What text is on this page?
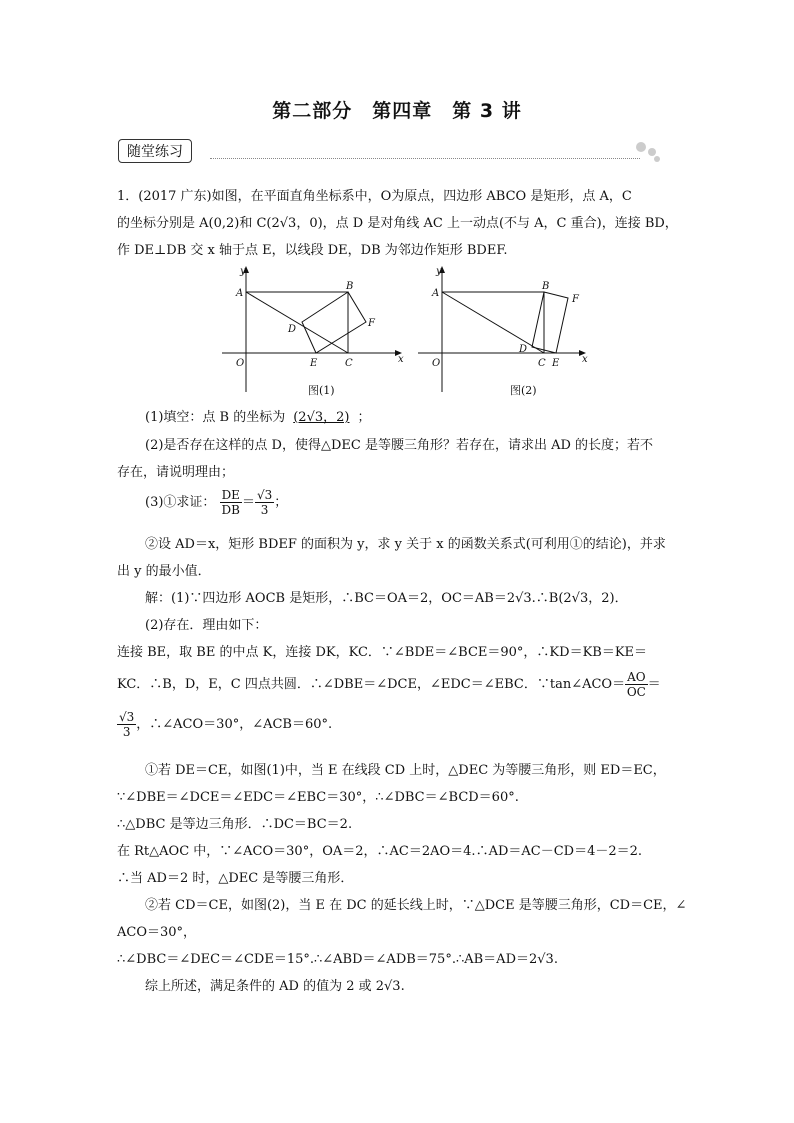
第二部分　第四章　第 3 讲
随堂练习
1．(2017 广东)如图，在平面直角坐标系中，O为原点，四边形 ABCO 是矩形，点 A，C
的坐标分别是 A(0,2)和 C(2√3，0)，点 D 是对角线 AC 上一动点(不与 A，C 重合)，连接 BD，
作 DE⊥DB 交 x 轴于点 E，以线段 DE，DB 为邻边作矩形 BDEF.
y
x
O
A
B
C
D
E
F
y
x
O
A
B
C
D
E
F
图(1)	图(2)
(1)填空：点 B 的坐标为 (2√3，2) ；
(2)是否存在这样的点 D，使得△DEC 是等腰三角形？若存在，请求出 AD 的长度；若不
存在，请说明理由；
(3)①求证： $\frac{DE}{DB} = \frac{√3}{3}$ ；
②设 AD＝x，矩形 BDEF 的面积为 y，求 y 关于 x 的函数关系式(可利用①的结论)，并求
出 y 的最小值．
解：(1)∵四边形 AOCB 是矩形，∴BC＝OA＝2，OC＝AB＝2√3.∴B(2√3，2)．
(2)存在．理由如下：
连接 BE，取 BE 的中点 K，连接 DK，KC．∵∠BDE＝∠BCE＝90°，∴KD＝KB＝KE＝
KC．∴B，D，E，C 四点共圆．∴∠DBE＝∠DCE，∠EDC＝∠EBC．∵tan∠ACO＝ $\frac{AO}{OC}$ ＝
$\frac{√3}{3}$ ，∴∠ACO＝30°，∠ACB＝60°.
①若 DE＝CE，如图(1)中，当 E 在线段 CD 上时，△DEC 为等腰三角形，则 ED＝EC，
∵∠DBE＝∠DCE＝∠EDC＝∠EBC＝30°，∴∠DBC＝∠BCD＝60°.
∴△DBC 是等边三角形．∴DC＝BC＝2.
在 Rt△AOC 中，∵∠ACO＝30°，OA＝2，∴AC＝2AO＝4.∴AD＝AC－CD＝4－2＝2.
∴当 AD＝2 时，△DEC 是等腰三角形．
②若 CD＝CE，如图(2)，当 E 在 DC 的延长线上时，∵△DCE 是等腰三角形，CD＝CE，∠
ACO＝30°，
∴∠DBC＝∠DEC＝∠CDE＝15°.∴∠ABD＝∠ADB＝75°.∴AB＝AD＝2√3.
综上所述，满足条件的 AD 的值为 2 或 2√3.
